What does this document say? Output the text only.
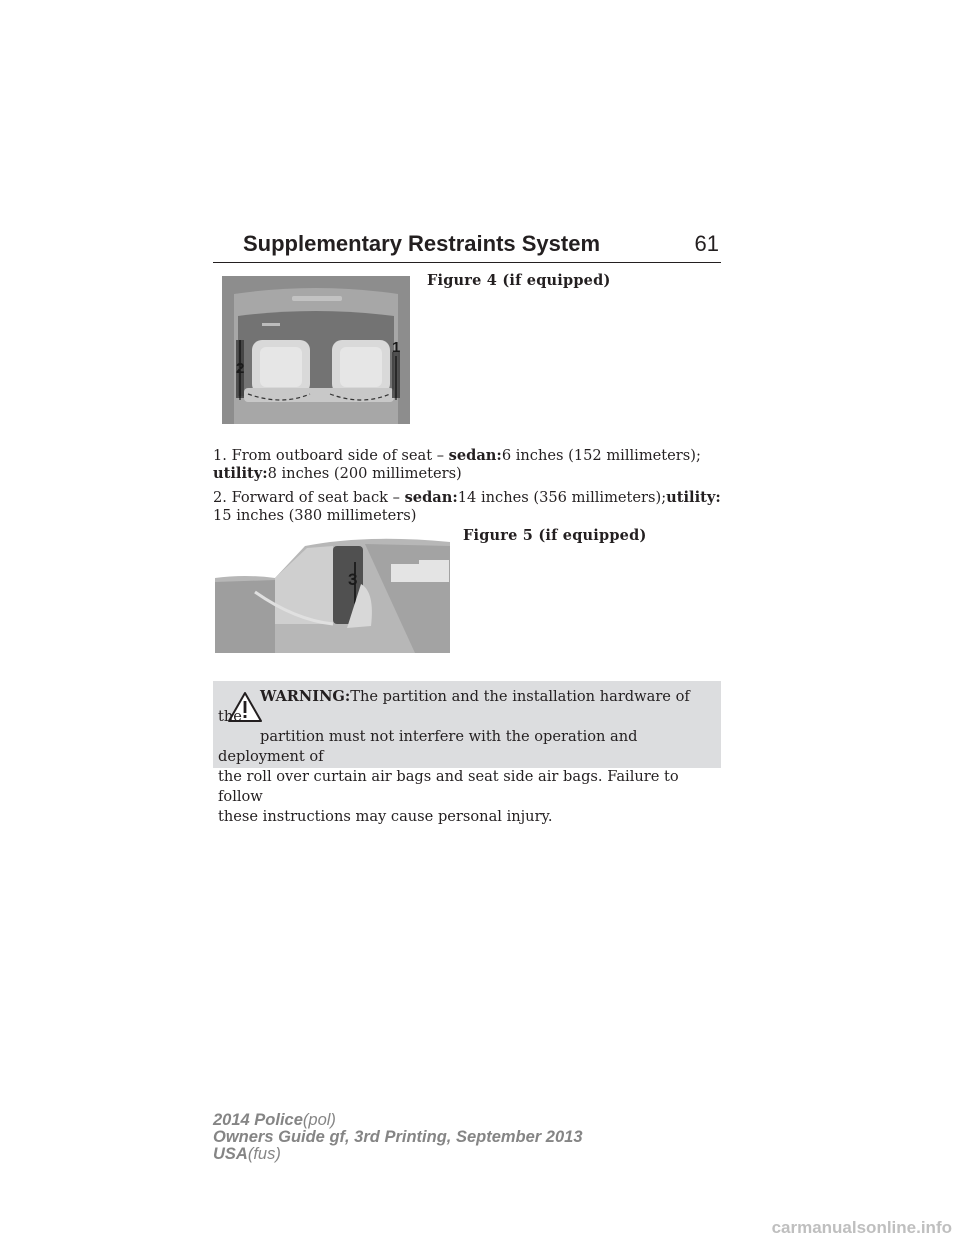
Supplementary Restraints System	61
2
1
Figure 4 (if equipped)
1. From outboard side of seat – sedan:6 inches (152 millimeters);
utility:8 inches (200 millimeters)
2. Forward of seat back – sedan:14 inches (356 millimeters);utility:
15 inches (380 millimeters)
3
Figure 5 (if equipped)
WARNING:The partition and the installation hardware of the
partition must not interfere with the operation and deployment of
the roll over curtain air bags and seat side air bags. Failure to follow
these instructions may cause personal injury.
2014 Police(pol)
Owners Guide gf, 3rd Printing, September 2013
USA(fus)
carmanualsonline.info
